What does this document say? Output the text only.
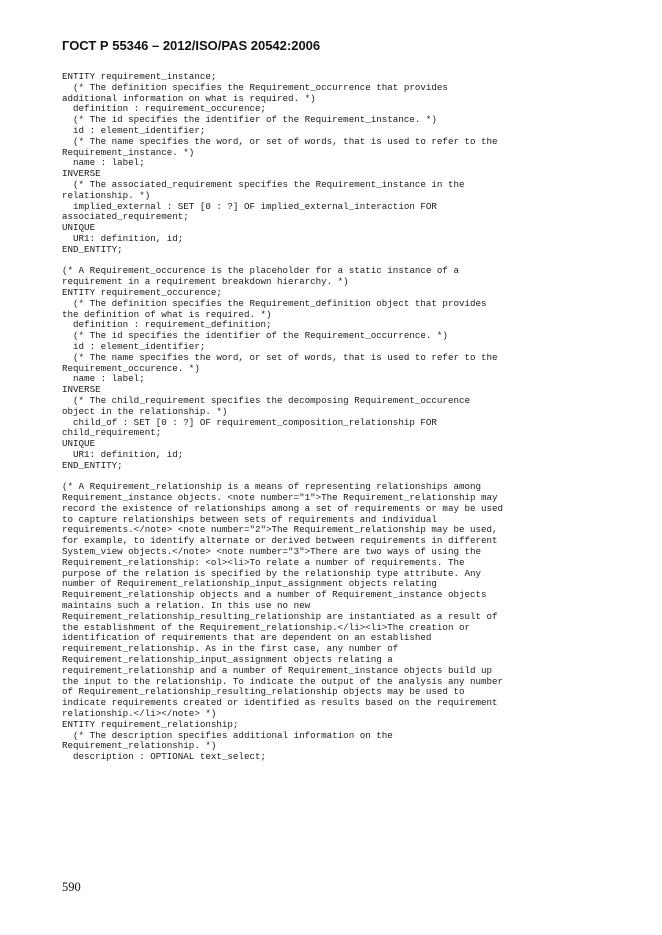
ГОСТ Р 55346 – 2012/ISO/PAS 20542:2006
ENTITY requirement_instance;
(* The definition specifies the Requirement_occurrence that provides
additional information on what is required. *)
definition : requirement_occurence;
(* The id specifies the identifier of the Requirement_instance. *)
id : element_identifier;
(* The name specifies the word, or set of words, that is used to refer to the
Requirement_instance. *)
name : label;
INVERSE
(* The associated_requirement specifies the Requirement_instance in the
relationship. *)
implied_external : SET [0 : ?] OF implied_external_interaction FOR
associated_requirement;
UNIQUE
UR1: definition, id;
END_ENTITY;
(* A Requirement_occurence is the placeholder for a static instance of a
requirement in a requirement breakdown hierarchy. *)
ENTITY requirement_occurence;
(* The definition specifies the Requirement_definition object that provides
the definition of what is required. *)
definition : requirement_definition;
(* The id specifies the identifier of the Requirement_occurrence. *)
id : element_identifier;
(* The name specifies the word, or set of words, that is used to refer to the
Requirement_occurence. *)
name : label;
INVERSE
(* The child_requirement specifies the decomposing Requirement_occurence
object in the relationship. *)
child_of : SET [0 : ?] OF requirement_composition_relationship FOR
child_requirement;
UNIQUE
UR1: definition, id;
END_ENTITY;
(* A Requirement_relationship is a means of representing relationships among
Requirement_instance objects. <note number="1">The Requirement_relationship may
record the existence of relationships among a set of requirements or may be used
to capture relationships between sets of requirements and individual
requirements.</note> <note number="2">The Requirement_relationship may be used,
for example, to identify alternate or derived between requirements in different
System_view objects.</note> <note number="3">There are two ways of using the
Requirement_relationship: <ol><li>To relate a number of requirements. The
purpose of the relation is specified by the relationship type attribute. Any
number of Requirement_relationship_input_assignment objects relating
Requirement_relationship objects and a number of Requirement_instance objects
maintains such a relation. In this use no new
Requirement_relationship_resulting_relationship are instantiated as a result of
the establishment of the Requirement_relationship.</li><li>The creation or
identification of requirements that are dependent on an established
requirement_relationship. As in the first case, any number of
Requirement_relationship_input_assignment objects relating a
requirement_relationship and a number of Requirement_instance objects build up
the input to the relationship. To indicate the output of the analysis any number
of Requirement_relationship_resulting_relationship objects may be used to
indicate requirements created or identified as results based on the requirement
relationship.</li></note> *)
ENTITY requirement_relationship;
(* The description specifies additional information on the
Requirement_relationship. *)
description : OPTIONAL text_select;
590
